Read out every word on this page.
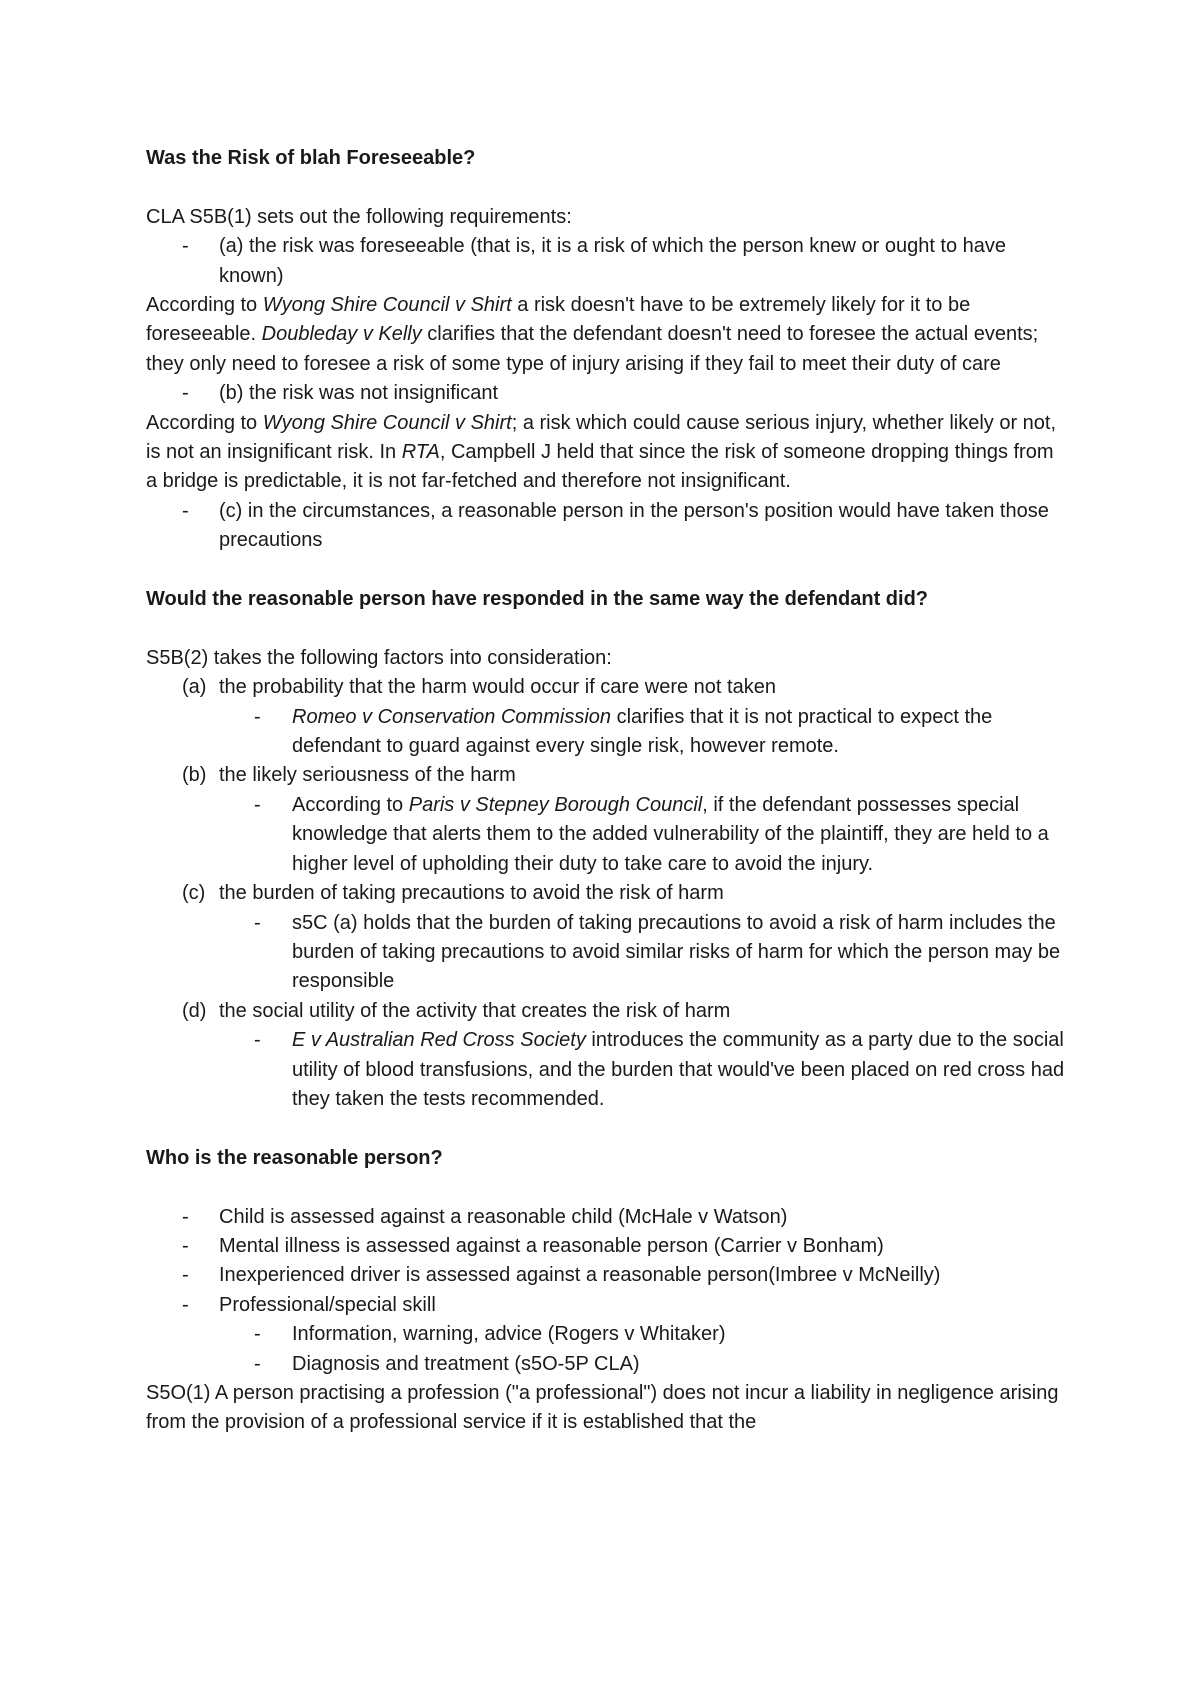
Was the Risk of blah Foreseeable?

CLA S5B(1) sets out the following requirements:

- (a) the risk was foreseeable (that is, it is a risk of which the person knew or ought to have known)

According to Wyong Shire Council v Shirt a risk doesn't have to be extremely likely for it to be foreseeable. Doubleday v Kelly clarifies that the defendant doesn't need to foresee the actual events; they only need to foresee a risk of some type of injury arising if they fail to meet their duty of care

- (b) the risk was not insignificant

According to Wyong Shire Council v Shirt; a risk which could cause serious injury, whether likely or not, is not an insignificant risk. In RTA, Campbell J held that since the risk of someone dropping things from a bridge is predictable, it is not far-fetched and therefore not insignificant.

- (c) in the circumstances, a reasonable person in the person's position would have taken those precautions

Would the reasonable person have responded in the same way the defendant did?

S5B(2) takes the following factors into consideration:

(a) the probability that the harm would occur if care were not taken
- Romeo v Conservation Commission clarifies that it is not practical to expect the defendant to guard against every single risk, however remote.
(b) the likely seriousness of the harm
- According to Paris v Stepney Borough Council, if the defendant possesses special knowledge that alerts them to the added vulnerability of the plaintiff, they are held to a higher level of upholding their duty to take care to avoid the injury.
(c) the burden of taking precautions to avoid the risk of harm
- s5C (a) holds that the burden of taking precautions to avoid a risk of harm includes the burden of taking precautions to avoid similar risks of harm for which the person may be responsible
(d) the social utility of the activity that creates the risk of harm
- E v Australian Red Cross Society introduces the community as a party due to the social utility of blood transfusions, and the burden that would've been placed on red cross had they taken the tests recommended.

Who is the reasonable person?

- Child is assessed against a reasonable child (McHale v Watson)
- Mental illness is assessed against a reasonable person (Carrier v Bonham)
- Inexperienced driver is assessed against a reasonable person(Imbree v McNeilly)
- Professional/special skill
- Information, warning, advice (Rogers v Whitaker)
- Diagnosis and treatment (s5O-5P CLA)

S5O(1) A person practising a profession ("a professional") does not incur a liability in negligence arising from the provision of a professional service if it is established that the
